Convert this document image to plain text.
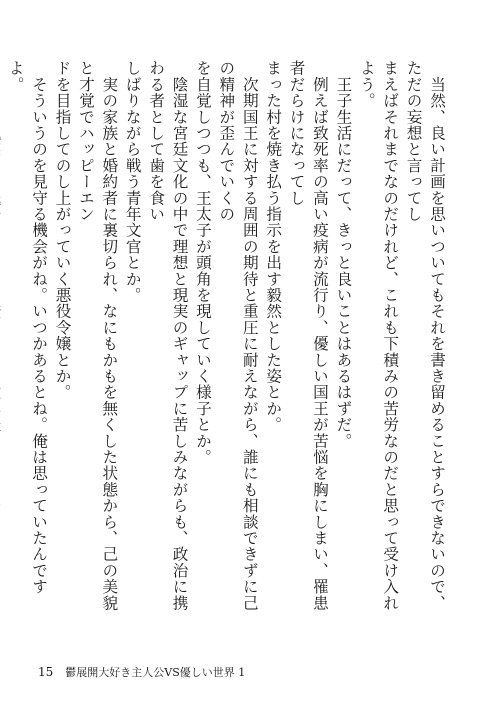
　当然、良い計画を思いついてもそれを書き留めることすらできないので、ただの妄想と言ってし

まえばそれまでなのだけれど、これも下積みの苦労なのだと思って受け入れよう。

　王子生活にだって、きっと良いことはあるはずだ。

　例えば致死率の高い疫病が流行り、優しい国王が苦悩を胸にしまい、罹患者だらけになってし

まった村を焼き払う指示を出す毅然とした姿とか。

　次期国王に対する周囲の期待と重圧に耐えながら、誰にも相談できずに己の精神が歪んでいくの

を自覚しつつも、王太子が頭角を現していく様子とか。

　陰湿な宮廷文化の中で理想と現実のギャップに苦しみながらも、政治に携わる者として歯を食い

しばりながら戦う青年文官とか。

　実の家族と婚約者に裏切られ、なにもかもを無くした状態から、己の美貌と才覚でハッピーエン

ドを目指してのし上がっていく悪役令嬢とか。

　そういうのを見守る機会がね。いつかあるとね。俺は思っていたんですよ。

15 鬱展開大好き主人公VS優しい世界 1
